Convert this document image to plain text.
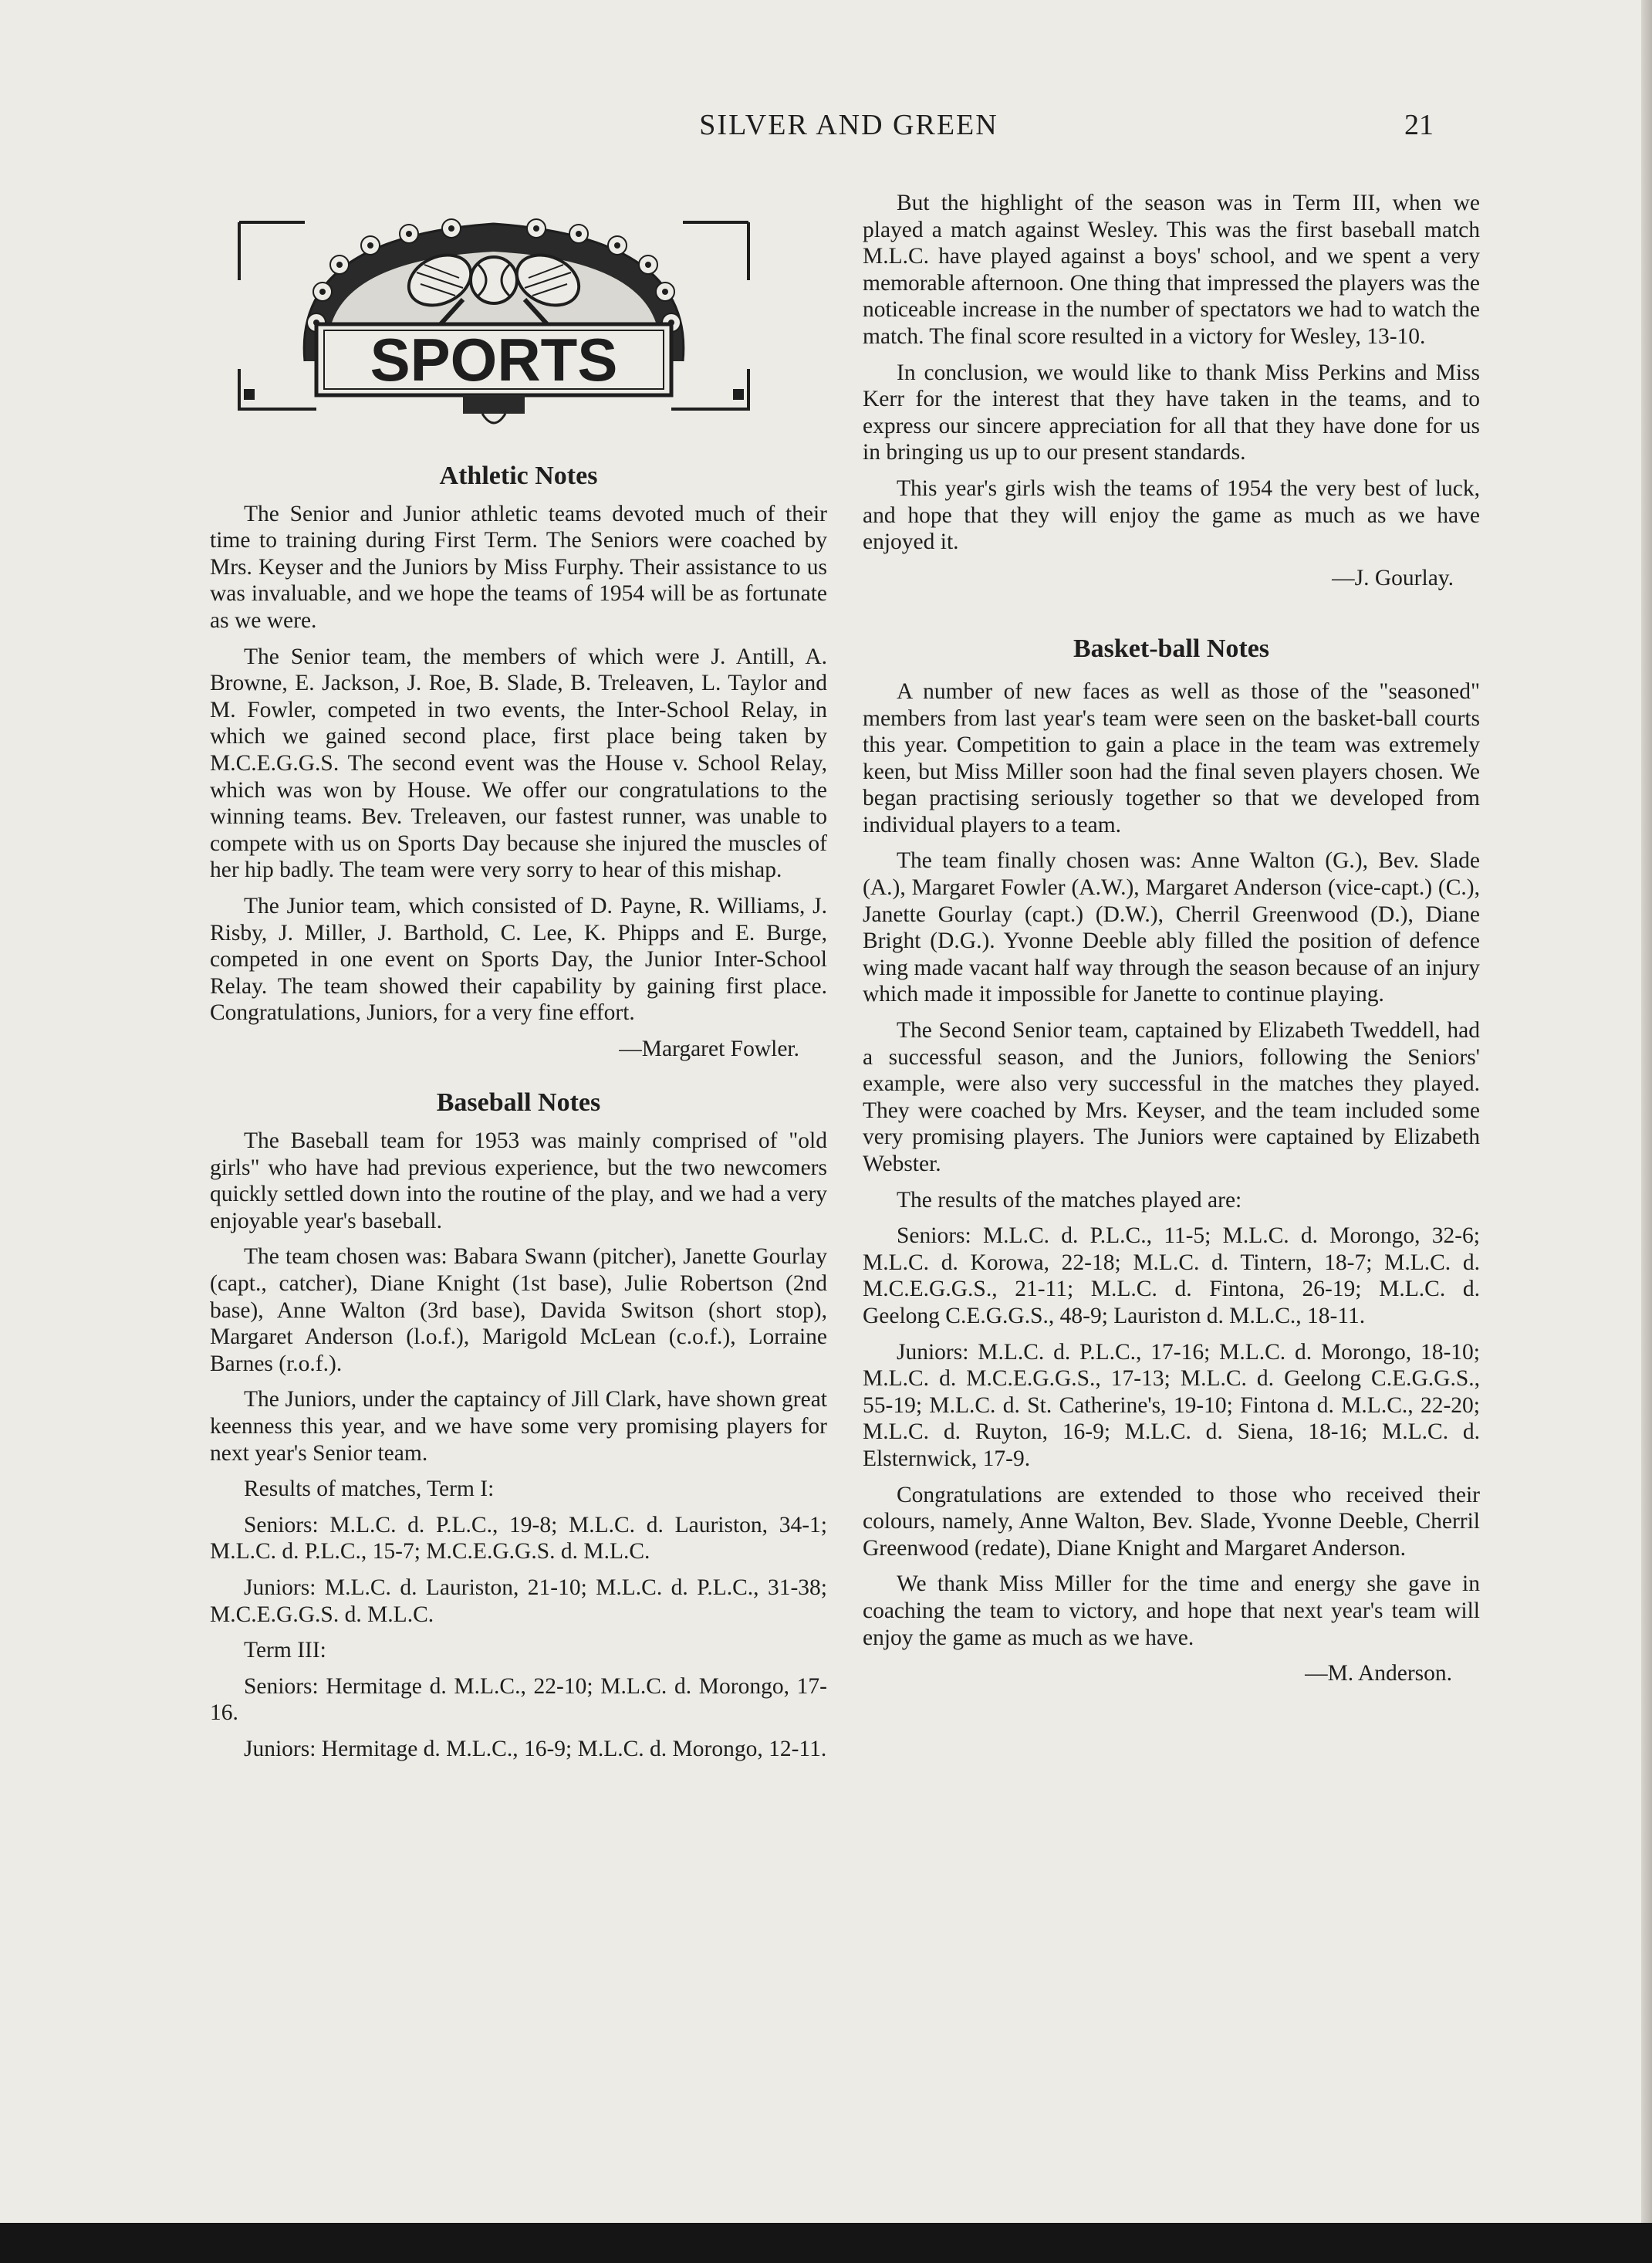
SILVER AND GREEN	21
SPORTS
Athletic Notes

The Senior and Junior athletic teams devoted much of their time to training during First Term. The Seniors were coached by Mrs. Keyser and the Juniors by Miss Furphy. Their assistance to us was invaluable, and we hope the teams of 1954 will be as fortunate as we were.

The Senior team, the members of which were J. Antill, A. Browne, E. Jackson, J. Roe, B. Slade, B. Treleaven, L. Taylor and M. Fowler, competed in two events, the Inter-School Relay, in which we gained second place, first place being taken by M.C.E.G.G.S. The second event was the House v. School Relay, which was won by House. We offer our congratulations to the winning teams. Bev. Treleaven, our fastest runner, was unable to compete with us on Sports Day because she injured the muscles of her hip badly. The team were very sorry to hear of this mishap.

The Junior team, which consisted of D. Payne, R. Williams, J. Risby, J. Miller, J. Barthold, C. Lee, K. Phipps and E. Burge, competed in one event on Sports Day, the Junior Inter-School Relay. The team showed their capability by gaining first place. Congratulations, Juniors, for a very fine effort.

—Margaret Fowler.

Baseball Notes

The Baseball team for 1953 was mainly comprised of "old girls" who have had previous experience, but the two newcomers quickly settled down into the routine of the play, and we had a very enjoyable year's baseball.

The team chosen was: Babara Swann (pitcher), Janette Gourlay (capt., catcher), Diane Knight (1st base), Julie Robertson (2nd base), Anne Walton (3rd base), Davida Switson (short stop), Margaret Anderson (l.o.f.), Marigold McLean (c.o.f.), Lorraine Barnes (r.o.f.).

The Juniors, under the captaincy of Jill Clark, have shown great keenness this year, and we have some very promising players for next year's Senior team.

Results of matches, Term I:

Seniors: M.L.C. d. P.L.C., 19-8; M.L.C. d. Lauriston, 34-1; M.L.C. d. P.L.C., 15-7; M.C.E.G.G.S. d. M.L.C.

Juniors: M.L.C. d. Lauriston, 21-10; M.L.C. d. P.L.C., 31-38; M.C.E.G.G.S. d. M.L.C.

Term III:

Seniors: Hermitage d. M.L.C., 22-10; M.L.C. d. Morongo, 17-16.

Juniors: Hermitage d. M.L.C., 16-9; M.L.C. d. Morongo, 12-11.

But the highlight of the season was in Term III, when we played a match against Wesley. This was the first baseball match M.L.C. have played against a boys' school, and we spent a very memorable afternoon. One thing that impressed the players was the noticeable increase in the number of spectators we had to watch the match. The final score resulted in a victory for Wesley, 13-10.

In conclusion, we would like to thank Miss Perkins and Miss Kerr for the interest that they have taken in the teams, and to express our sincere appreciation for all that they have done for us in bringing us up to our present standards.

This year's girls wish the teams of 1954 the very best of luck, and hope that they will enjoy the game as much as we have enjoyed it.

—J. Gourlay.

Basket-ball Notes

A number of new faces as well as those of the "seasoned" members from last year's team were seen on the basket-ball courts this year. Competition to gain a place in the team was extremely keen, but Miss Miller soon had the final seven players chosen. We began practising seriously together so that we developed from individual players to a team.

The team finally chosen was: Anne Walton (G.), Bev. Slade (A.), Margaret Fowler (A.W.), Margaret Anderson (vice-capt.) (C.), Janette Gourlay (capt.) (D.W.), Cherril Greenwood (D.), Diane Bright (D.G.). Yvonne Deeble ably filled the position of defence wing made vacant half way through the season because of an injury which made it impossible for Janette to continue playing.

The Second Senior team, captained by Elizabeth Tweddell, had a successful season, and the Juniors, following the Seniors' example, were also very successful in the matches they played. They were coached by Mrs. Keyser, and the team included some very promising players. The Juniors were captained by Elizabeth Webster.

The results of the matches played are:

Seniors: M.L.C. d. P.L.C., 11-5; M.L.C. d. Morongo, 32-6; M.L.C. d. Korowa, 22-18; M.L.C. d. Tintern, 18-7; M.L.C. d. M.C.E.G.G.S., 21-11; M.L.C. d. Fintona, 26-19; M.L.C. d. Geelong C.E.G.G.S., 48-9; Lauriston d. M.L.C., 18-11.

Juniors: M.L.C. d. P.L.C., 17-16; M.L.C. d. Morongo, 18-10; M.L.C. d. M.C.E.G.G.S., 17-13; M.L.C. d. Geelong C.E.G.G.S., 55-19; M.L.C. d. St. Catherine's, 19-10; Fintona d. M.L.C., 22-20; M.L.C. d. Ruyton, 16-9; M.L.C. d. Siena, 18-16; M.L.C. d. Elsternwick, 17-9.

Congratulations are extended to those who received their colours, namely, Anne Walton, Bev. Slade, Yvonne Deeble, Cherril Greenwood (redate), Diane Knight and Margaret Anderson.

We thank Miss Miller for the time and energy she gave in coaching the team to victory, and hope that next year's team will enjoy the game as much as we have.

—M. Anderson.
